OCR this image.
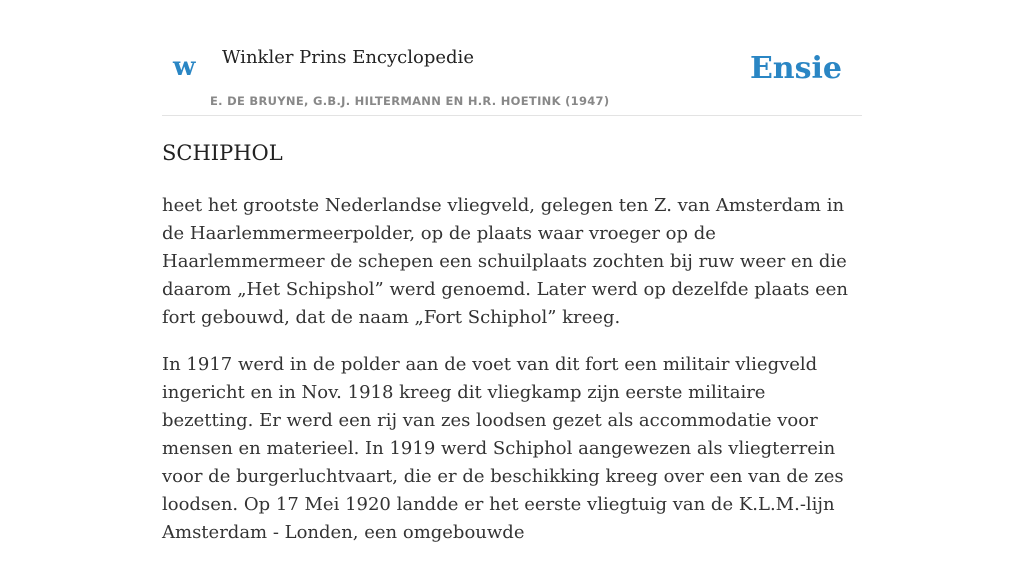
w Winkler Prins Encyclopedie
E. DE BRUYNE, G.B.J. HILTERMANN EN H.R. HOETINK (1947)
Ensie
SCHIPHOL

heet het grootste Nederlandse vliegveld, gelegen ten Z. van Amsterdam in de Haarlemmermeerpolder, op de plaats waar vroeger op de Haarlemmermeer de schepen een schuilplaats zochten bij ruw weer en die daarom „Het Schipshol” werd genoemd. Later werd op dezelfde plaats een fort gebouwd, dat de naam „Fort Schiphol” kreeg.

In 1917 werd in de polder aan de voet van dit fort een militair vliegveld ingericht en in Nov. 1918 kreeg dit vliegkamp zijn eerste militaire bezetting. Er werd een rij van zes loodsen gezet als accommodatie voor mensen en materieel. In 1919 werd Schiphol aangewezen als vliegterrein voor de burgerluchtvaart, die er de beschikking kreeg over een van de zes loodsen. Op 17 Mei 1920 landde er het eerste vliegtuig van de K.L.M.-lijn Amsterdam - Londen, een omgebouwde
